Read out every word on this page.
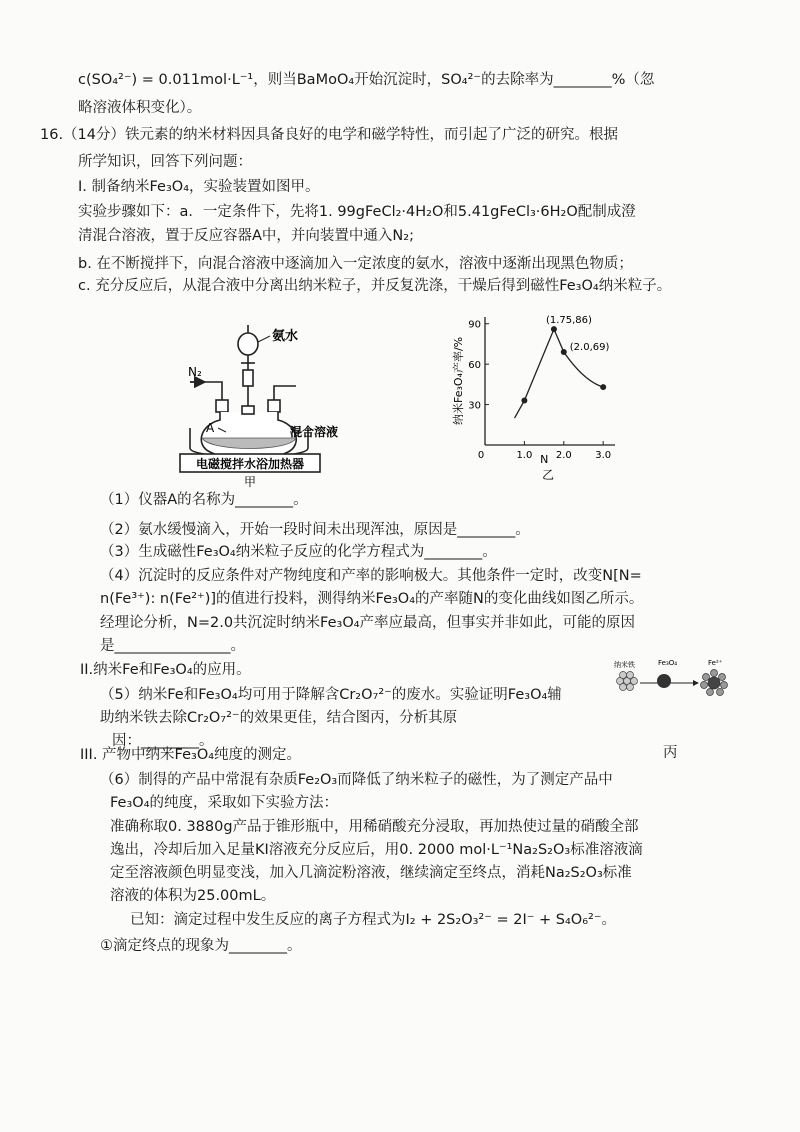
c(SO₄²⁻) = 0.011mol·L⁻¹，则当BaMoO₄开始沉淀时，SO₄²⁻的去除率为________%（忽
略溶液体积变化）。
16.（14分）铁元素的纳米材料因具备良好的电学和磁学特性，而引起了广泛的研究。根据
所学知识，回答下列问题：
I. 制备纳米Fe₃O₄，实验装置如图甲。
实验步骤如下：a．一定条件下，先将1. 99gFeCl₂·4H₂O和5.41gFeCl₃·6H₂O配制成澄
清混合溶液，置于反应容器A中，并向装置中通入N₂;
b. 在不断搅拌下，向混合溶液中逐滴加入一定浓度的氨水，溶液中逐渐出现黑色物质；
c. 充分反应后，从混合液中分离出纳米粒子，并反复洗涤，干燥后得到磁性Fe₃O₄纳米粒子。
电磁搅拌水浴加热器
氨水
N₂
A	混合溶液
甲
0	1.0 2.0 3.0
30
60
90	(1.75,86)
(2.0,69)
纳米Fe₃O₄产率/%
N
乙
（1）仪器A的名称为________。
（2）氨水缓慢滴入，开始一段时间未出现浑浊，原因是________。
（3）生成磁性Fe₃O₄纳米粒子反应的化学方程式为________。
（4）沉淀时的反应条件对产物纯度和产率的影响极大。其他条件一定时，改变N[N=
n(Fe³⁺): n(Fe²⁺)]的值进行投料，测得纳米Fe₃O₄的产率随N的变化曲线如图乙所示。
经理论分析，N=2.0共沉淀时纳米Fe₃O₄产率应最高，但事实并非如此，可能的原因
是________________。
II.纳米Fe和Fe₃O₄的应用。
（5）纳米Fe和Fe₃O₄均可用于降解含Cr₂O₇²⁻的废水。实验证明Fe₃O₄辅
助纳米铁去除Cr₂O₇²⁻的效果更佳，结合图丙，分析其原
因：________。
纳米铁	Fe₃O₄	Fe²⁺
III. 产物中纳米Fe₃O₄纯度的测定。	丙
（6）制得的产品中常混有杂质Fe₂O₃而降低了纳米粒子的磁性，为了测定产品中
Fe₃O₄的纯度，采取如下实验方法：
准确称取0. 3880g产品于锥形瓶中，用稀硝酸充分浸取，再加热使过量的硝酸全部
逸出，冷却后加入足量KI溶液充分反应后，用0. 2000 mol·L⁻¹Na₂S₂O₃标准溶液滴
定至溶液颜色明显变浅，加入几滴淀粉溶液，继续滴定至终点，消耗Na₂S₂O₃标准
溶液的体积为25.00mL。
已知：滴定过程中发生反应的离子方程式为I₂ + 2S₂O₃²⁻ = 2I⁻ + S₄O₆²⁻。
①滴定终点的现象为________。
